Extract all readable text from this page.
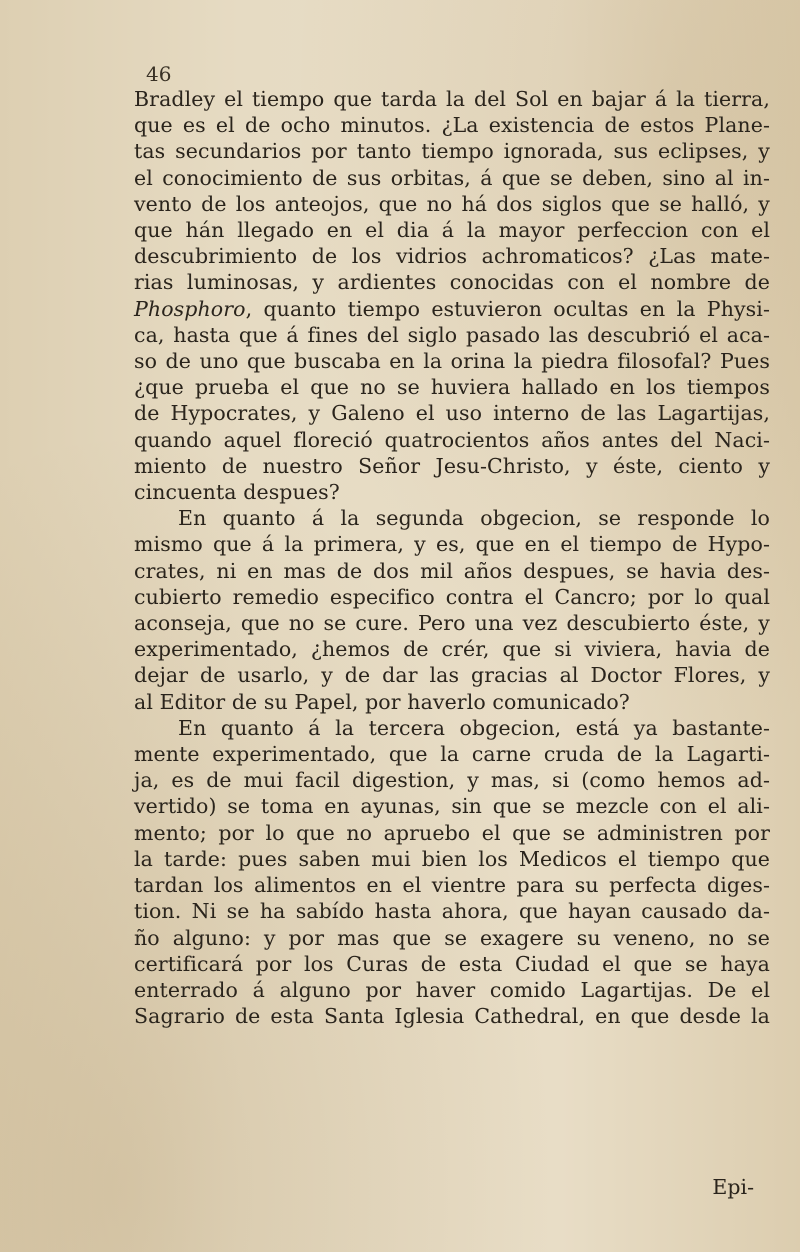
46
Bradley el tiempo que tarda la del Sol en bajar á la tierra,
que es el de ocho minutos. ¿La existencia de estos Plane-
tas secundarios por tanto tiempo ignorada, sus eclipses, y
el conocimiento de sus orbitas, á que se deben, sino al in-
vento de los anteojos, que no há dos siglos que se halló, y
que hán llegado en el dia á la mayor perfeccion con el
descubrimiento de los vidrios achromaticos? ¿Las mate-
rias luminosas, y ardientes conocidas con el nombre de
Phosphoro, quanto tiempo estuvieron ocultas en la Physi-
ca, hasta que á fines del siglo pasado las descubrió el aca-
so de uno que buscaba en la orina la piedra filosofal? Pues
¿que prueba el que no se huviera hallado en los tiempos
de Hypocrates, y Galeno el uso interno de las Lagartijas,
quando aquel floreció quatrocientos años antes del Naci-
miento de nuestro Señor Jesu-Christo, y éste, ciento y
cincuenta despues?
En quanto á la segunda obgecion, se responde lo
mismo que á la primera, y es, que en el tiempo de Hypo-
crates, ni en mas de dos mil años despues, se havia des-
cubierto remedio especifico contra el Cancro; por lo qual
aconseja, que no se cure. Pero una vez descubierto éste, y
experimentado, ¿hemos de crér, que si viviera, havia de
dejar de usarlo, y de dar las gracias al Doctor Flores, y
al Editor de su Papel, por haverlo comunicado?
En quanto á la tercera obgecion, está ya bastante-
mente experimentado, que la carne cruda de la Lagarti-
ja, es de mui facil digestion, y mas, si (como hemos ad-
vertido) se toma en ayunas, sin que se mezcle con el ali-
mento; por lo que no apruebo el que se administren por
la tarde: pues saben mui bien los Medicos el tiempo que
tardan los alimentos en el vientre para su perfecta diges-
tion. Ni se ha sabído hasta ahora, que hayan causado da-
ño alguno: y por mas que se exagere su veneno, no se
certificará por los Curas de esta Ciudad el que se haya
enterrado á alguno por haver comido Lagartijas. De el
Sagrario de esta Santa Iglesia Cathedral, en que desde la
Epi-
